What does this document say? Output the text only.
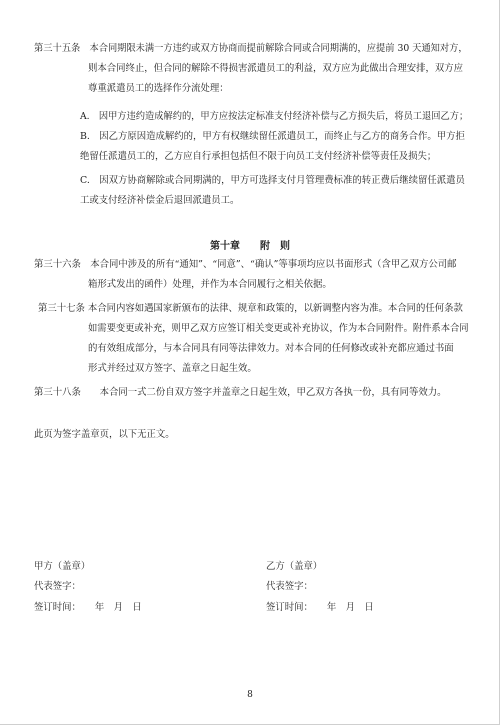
第三十五条　本合同期限未满一方违约或双方协商而提前解除合同或合同期满的，应提前 30 天通知对方，
则本合同终止，但合同的解除不得损害派遣员工的利益，双方应为此做出合理安排，双方应
尊重派遣员工的选择作分流处理：
A.　因甲方违约造成解约的，甲方应按法定标准支付经济补偿与乙方损失后，将员工退回乙方；
B.　因乙方原因造成解约的，甲方有权继续留任派遣员工，而终止与乙方的商务合作。甲方拒
绝留任派遣员工的，乙方应自行承担包括但不限于向员工支付经济补偿等责任及损失；
C.　因双方协商解除或合同期满的，甲方可选择支付月管理费标准的转正费后继续留任派遣员
工或支付经济补偿金后退回派遣员工。
第十章　　附　则
第三十六条　本合同中涉及的所有“通知”、“同意”、“确认”等事项均应以书面形式（含甲乙双方公司邮
箱形式发出的函件）处理，并作为本合同履行之相关依据。
第三十七条 本合同内容如遇国家新颁布的法律、规章和政策的，以新调整内容为准。本合同的任何条款
如需要变更或补充，则甲乙双方应签订相关变更或补充协议，作为本合同附件。附件系本合同
的有效组成部分，与本合同具有同等法律效力。对本合同的任何修改或补充都应通过书面
形式并经过双方签字、盖章之日起生效。
第三十八条　　本合同一式二份自双方签字并盖章之日起生效，甲乙双方各执一份，具有同等效力。
此页为签字盖章页，以下无正文。
甲方（盖章）
代表签字：
签订时间：　　年　月　日
乙方（盖章）
代表签字：
签订时间：　　年　月　日
8
